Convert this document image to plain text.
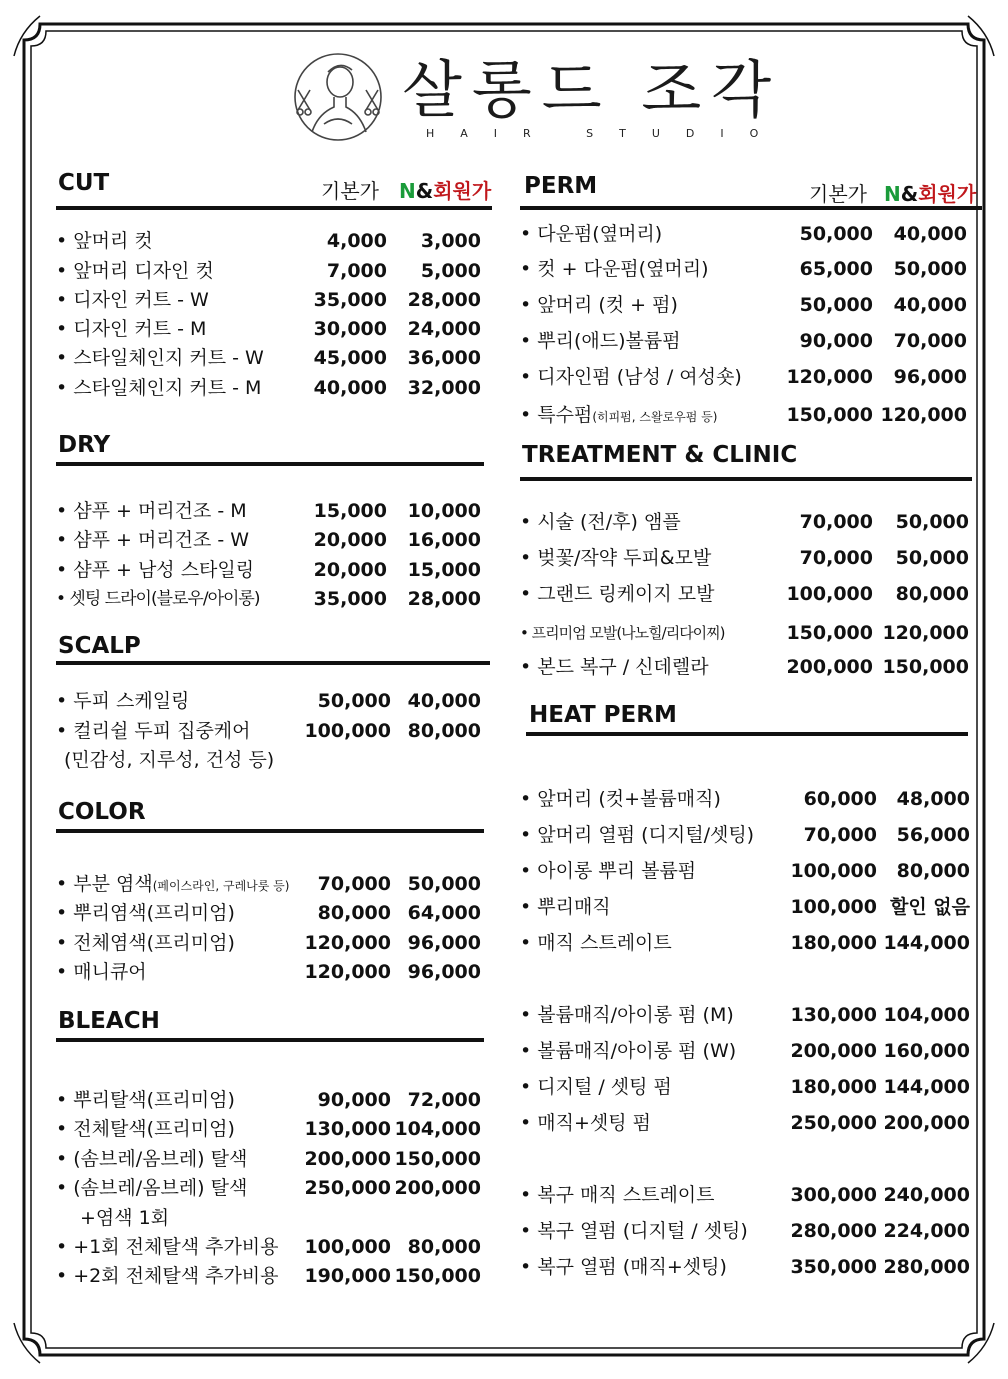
살롱드 조각
HAIR STUDIO
CUT	기본가 N&회원가
• 앞머리 컷	4,000 3,000
• 앞머리 디자인 컷	7,000 5,000
• 디자인 커트 - W	35,000 28,000
• 디자인 커트 - M	30,000 24,000
• 스타일체인지 커트 - W	45,000 36,000
• 스타일체인지 커트 - M	40,000 32,000
DRY
• 샴푸 + 머리건조 - M	15,000 10,000
• 샴푸 + 머리건조 - W	20,000 16,000
• 샴푸 + 남성 스타일링	20,000 15,000
• 셋팅 드라이(블로우/아이롱)	35,000 28,000
SCALP
• 두피 스케일링	50,000 40,000
• 컬리쉴 두피 집중케어	100,000 80,000
(민감성, 지루성, 건성 등)
COLOR
• 부분 염색(페이스라인, 구레나룻 등) 70,000 50,000
• 뿌리염색(프리미엄)	80,000 64,000
• 전체염색(프리미엄)	120,000 96,000
• 매니큐어	120,000 96,000
BLEACH
• 뿌리탈색(프리미엄)	90,000 72,000
• 전체탈색(프리미엄)	130,000 104,000
• (솜브레/옴브레) 탈색	200,000 150,000
• (솜브레/옴브레) 탈색	250,000 200,000
+염색 1회
• +1회 전체탈색 추가비용 100,000 80,000
• +2회 전체탈색 추가비용 190,000 150,000
PERM	기본가 N&회원가
• 다운펌(옆머리)	50,000 40,000
• 컷 + 다운펌(옆머리)	65,000 50,000
• 앞머리 (컷 + 펌)	50,000 40,000
• 뿌리(애드)볼륨펌	90,000 70,000
• 디자인펌 (남성 / 여성숏) 120,000 96,000
• 특수펌(히피펌, 스왈로우펌 등)	150,000 120,000
TREATMENT & CLINIC
• 시술 (전/후) 앰플	70,000 50,000
• 벚꽃/작약 두피&모발	70,000 50,000
• 그랜드 링케이지 모발	100,000 80,000
• 프리미엄 모발(나노힐/리다이찌)	150,000 120,000
• 본드 복구 / 신데렐라	200,000 150,000
HEAT PERM
• 앞머리 (컷+볼륨매직)	60,000 48,000
• 앞머리 열펌 (디지털/셋팅)	70,000 56,000
• 아이롱 뿌리 볼륨펌	100,000 80,000
• 뿌리매직	100,000 할인 없음
• 매직 스트레이트	180,000 144,000
• 볼륨매직/아이롱 펌 (M)	130,000 104,000
• 볼륨매직/아이롱 펌 (W)	200,000 160,000
• 디지털 / 셋팅 펌	180,000 144,000
• 매직+셋팅 펌	250,000 200,000
• 복구 매직 스트레이트	300,000 240,000
• 복구 열펌 (디지털 / 셋팅) 280,000 224,000
• 복구 열펌 (매직+셋팅)	350,000 280,000
